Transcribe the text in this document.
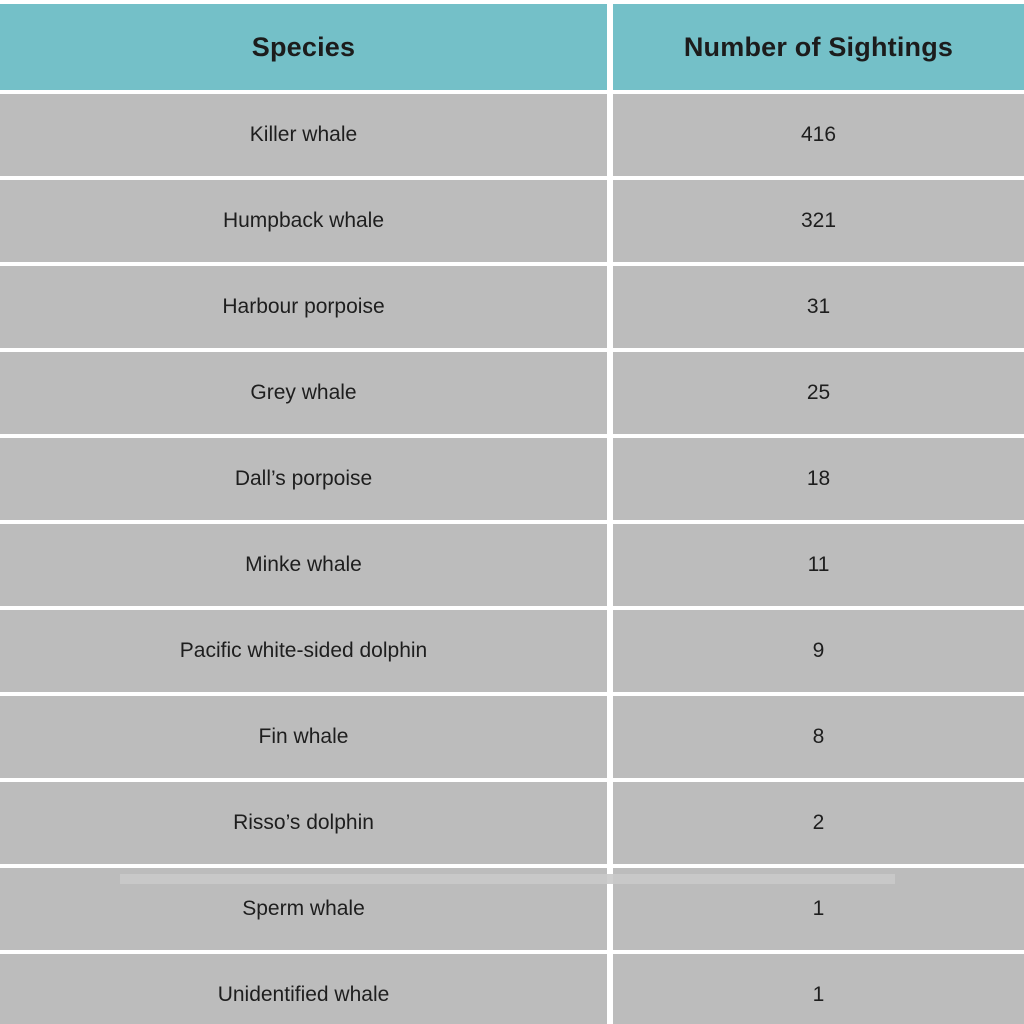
Species		Number of Sightings
Killer whale		416
Humpback whale		321
Harbour porpoise		31
Grey whale		25
Dall’s porpoise		18
Minke whale		11
Pacific white-sided dolphin		9
Fin whale		8
Risso’s dolphin		2
Sperm whale		1
Unidentified whale		1
